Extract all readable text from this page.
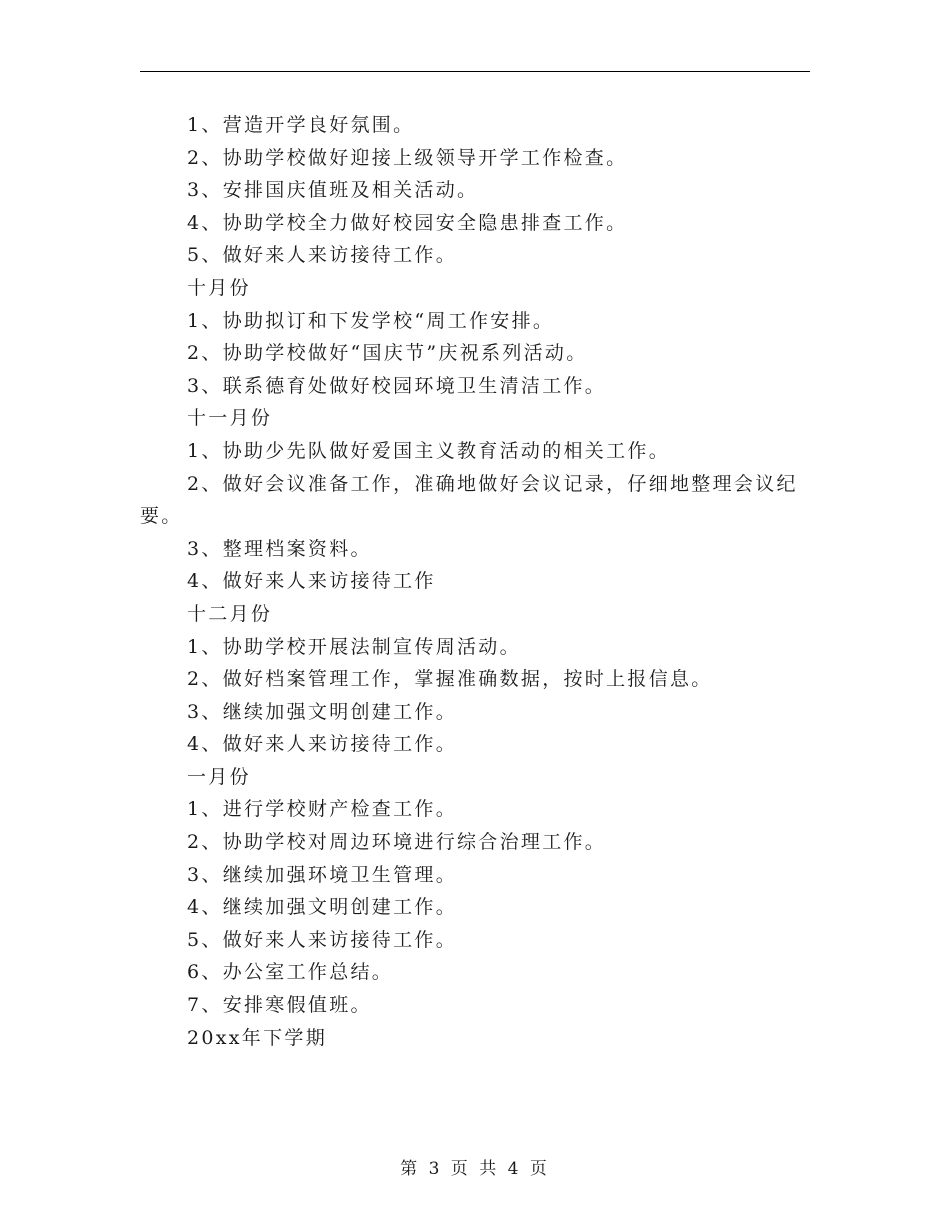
1、营造开学良好氛围。

2、协助学校做好迎接上级领导开学工作检查。

3、安排国庆值班及相关活动。

4、协助学校全力做好校园安全隐患排查工作。

5、做好来人来访接待工作。

十月份

1、协助拟订和下发学校“周工作安排。

2、协助学校做好“国庆节”庆祝系列活动。

3、联系德育处做好校园环境卫生清洁工作。

十一月份

1、协助少先队做好爱国主义教育活动的相关工作。

2、做好会议准备工作，准确地做好会议记录，仔细地整理会议纪要。

3、整理档案资料。

4、做好来人来访接待工作

十二月份

1、协助学校开展法制宣传周活动。

2、做好档案管理工作，掌握准确数据，按时上报信息。

3、继续加强文明创建工作。

4、做好来人来访接待工作。

一月份

1、进行学校财产检查工作。

2、协助学校对周边环境进行综合治理工作。

3、继续加强环境卫生管理。

4、继续加强文明创建工作。

5、做好来人来访接待工作。

6、办公室工作总结。

7、安排寒假值班。

20xx年下学期

第 3 页 共 4 页
